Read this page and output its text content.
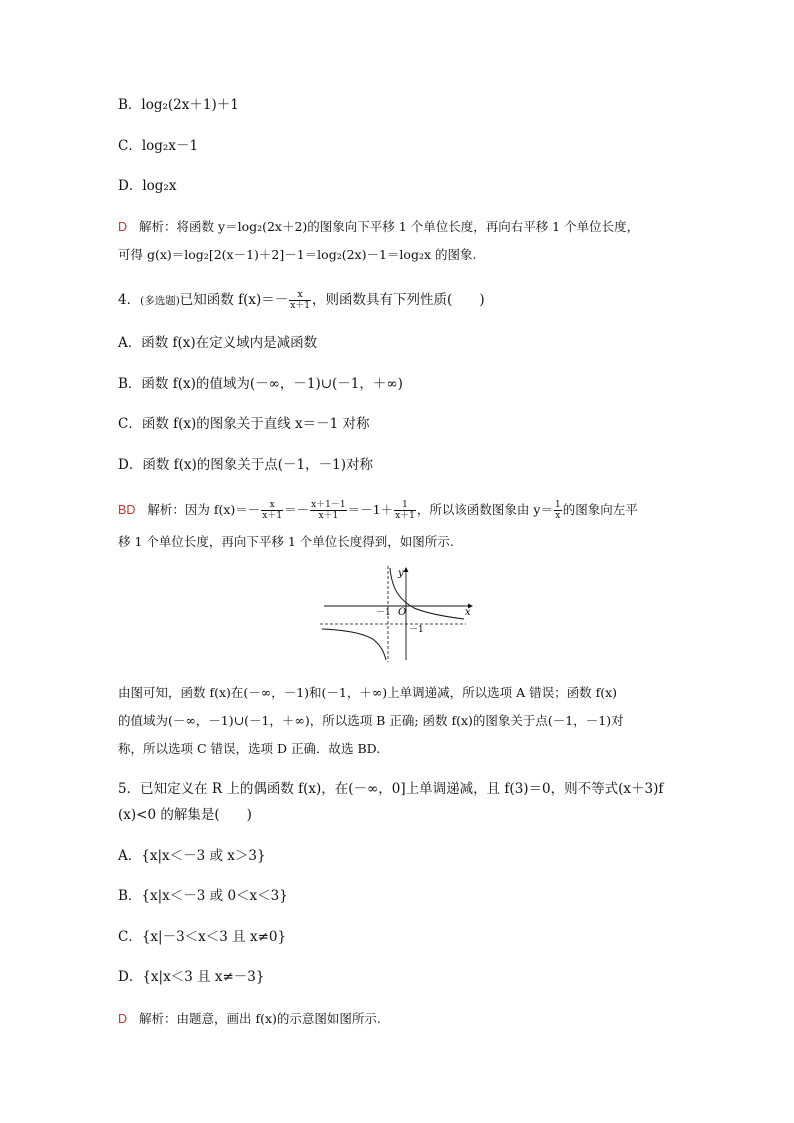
B．log₂(2x＋1)＋1
C．log₂x－1
D．log₂x
D 解析：将函数 y＝log₂(2x＋2)的图象向下平移 1 个单位长度，再向右平移 1 个单位长度，
可得 g(x)＝log₂[2(x－1)＋2]－1＝log₂(2x)－1＝log₂x 的图象.
4．(多选题)已知函数 $f(x)=- \frac{x}{x+1}$ ，则函数具有下列性质(　　)
A．函数 f(x)在定义域内是减函数
B．函数 f(x)的值域为(－∞，－1)∪(－1，＋∞)
C．函数 f(x)的图象关于直线 x＝－1 对称
D．函数 f(x)的图象关于点(－1，－1)对称
BD 解析：因为 $f(x)=- \frac{x}{x+1} =- \frac{x+1-1}{x+1} =-1+ \frac{1}{x+1}$ ，所以该函数图象由 $y= \frac{1}{x}$ 的图象向左平
移 1 个单位长度，再向下平移 1 个单位长度得到，如图所示.
y
x
O
－1
－1
由图可知，函数 f(x)在(－∞，－1)和(－1，＋∞)上单调递减，所以选项 A 错误；函数 f(x)
的值域为(－∞，－1)∪(－1，＋∞)，所以选项 B 正确; 函数 f(x)的图象关于点(－1，－1)对
称，所以选项 C 错误，选项 D 正确．故选 BD.
5．已知定义在 R 上的偶函数 f(x)，在(－∞，0]上单调递减，且 f(3)＝0，则不等式(x＋3)f
(x)<0 的解集是(　　)
A．{x|x＜－3 或 x＞3}
B．{x|x＜－3 或 0＜x＜3}
C．{x|－3＜x＜3 且 x≠0}
D．{x|x＜3 且 x≠－3}
D 解析：由题意，画出 f(x)的示意图如图所示.
